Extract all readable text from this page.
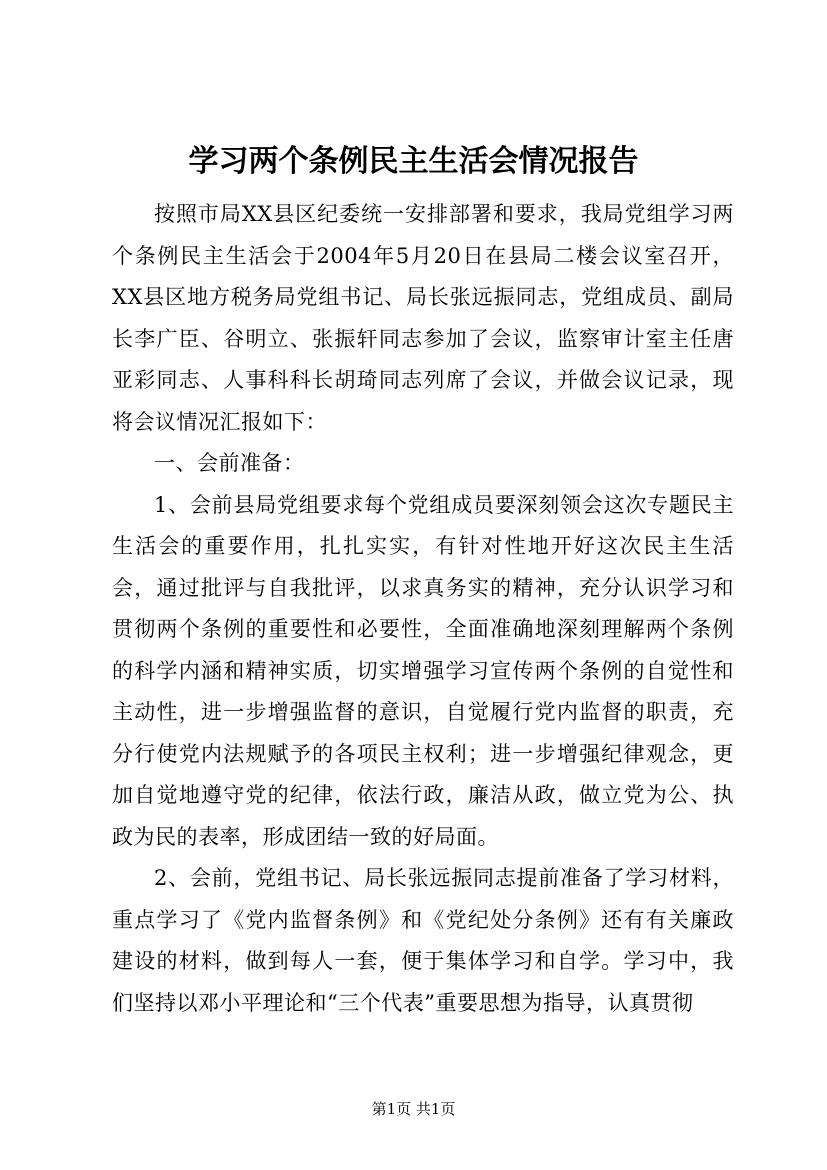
学习两个条例民主生活会情况报告

按照市局XX县区纪委统一安排部署和要求，我局党组学习两个条例民主生活会于2004年5月20日在县局二楼会议室召开，XX县区地方税务局党组书记、局长张远振同志，党组成员、副局长李广臣、谷明立、张振轩同志参加了会议，监察审计室主任唐亚彩同志、人事科科长胡琦同志列席了会议，并做会议记录，现将会议情况汇报如下：

一、会前准备：

1、会前县局党组要求每个党组成员要深刻领会这次专题民主生活会的重要作用，扎扎实实，有针对性地开好这次民主生活会，通过批评与自我批评，以求真务实的精神，充分认识学习和贯彻两个条例的重要性和必要性，全面准确地深刻理解两个条例的科学内涵和精神实质，切实增强学习宣传两个条例的自觉性和主动性，进一步增强监督的意识，自觉履行党内监督的职责，充分行使党内法规赋予的各项民主权利；进一步增强纪律观念，更加自觉地遵守党的纪律，依法行政，廉洁从政，做立党为公、执政为民的表率，形成团结一致的好局面。

2、会前，党组书记、局长张远振同志提前准备了学习材料，重点学习了《党内监督条例》和《党纪处分条例》还有有关廉政建设的材料，做到每人一套，便于集体学习和自学。学习中，我们坚持以邓小平理论和“三个代表”重要思想为指导，认真贯彻

第1页 共1页
